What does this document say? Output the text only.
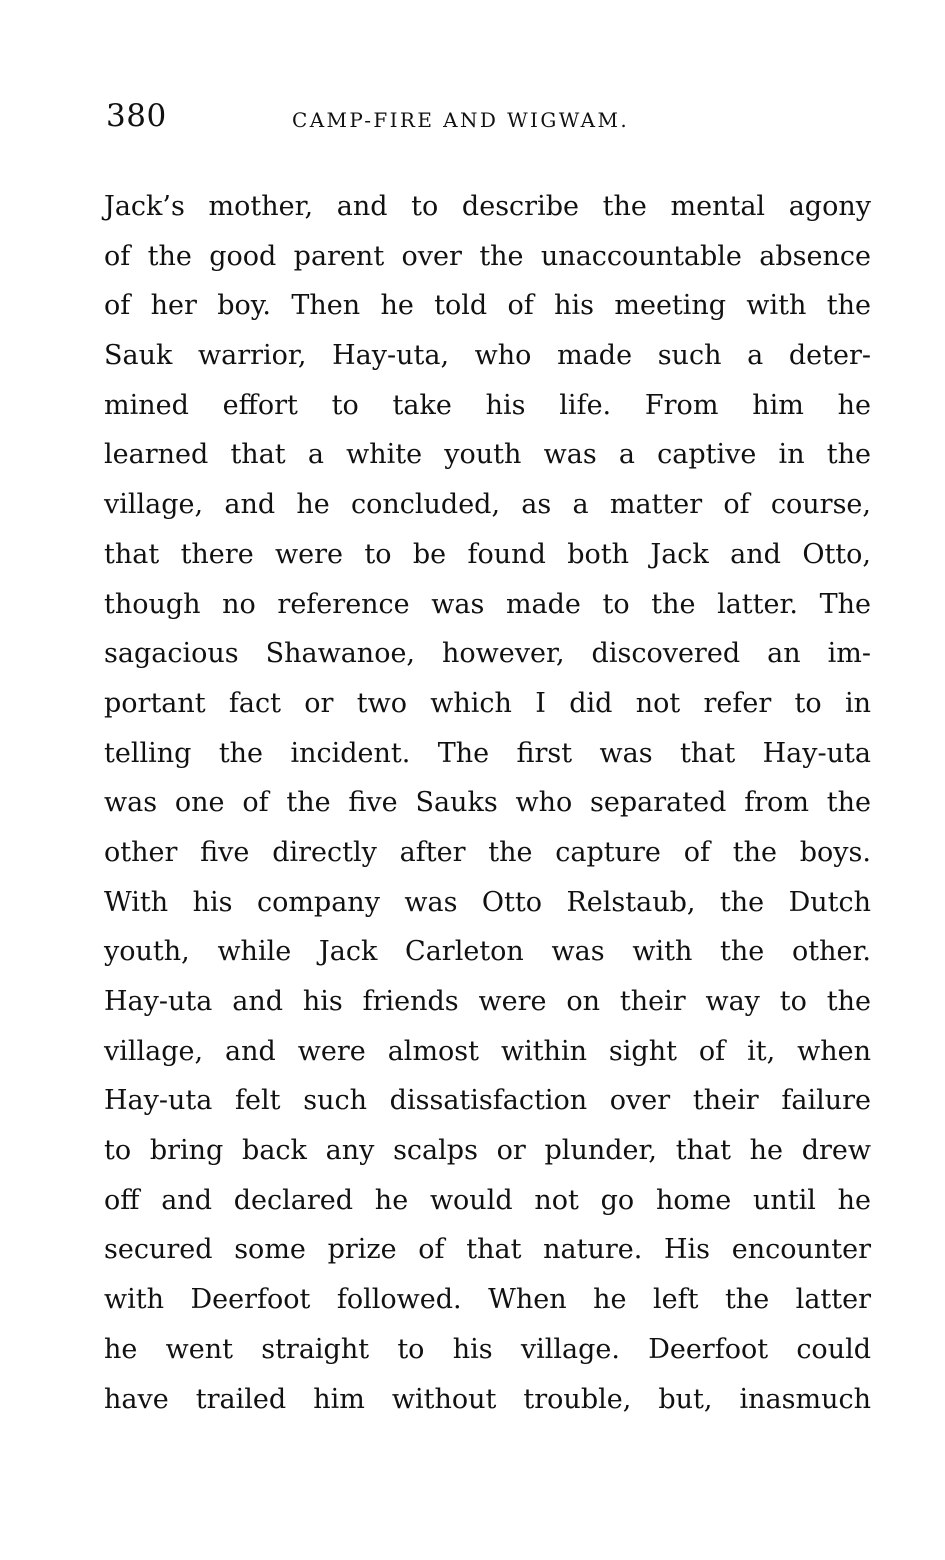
380	CAMP-FIRE AND WIGWAM.
Jack’s mother, and to describe the mental agony
of the good parent over the unaccountable absence
of her boy. Then he told of his meeting with the
Sauk warrior, Hay-uta, who made such a deter-
mined effort to take his life. From him he
learned that a white youth was a captive in the
village, and he concluded, as a matter of course,
that there were to be found both Jack and Otto,
though no reference was made to the latter. The
sagacious Shawanoe, however, discovered an im-
portant fact or two which I did not refer to in
telling the incident. The first was that Hay-uta
was one of the five Sauks who separated from the
other five directly after the capture of the boys.
With his company was Otto Relstaub, the Dutch
youth, while Jack Carleton was with the other.
Hay-uta and his friends were on their way to the
village, and were almost within sight of it, when
Hay-uta felt such dissatisfaction over their failure
to bring back any scalps or plunder, that he drew
off and declared he would not go home until he
secured some prize of that nature. His encounter
with Deerfoot followed. When he left the latter
he went straight to his village. Deerfoot could
have trailed him without trouble, but, inasmuch
